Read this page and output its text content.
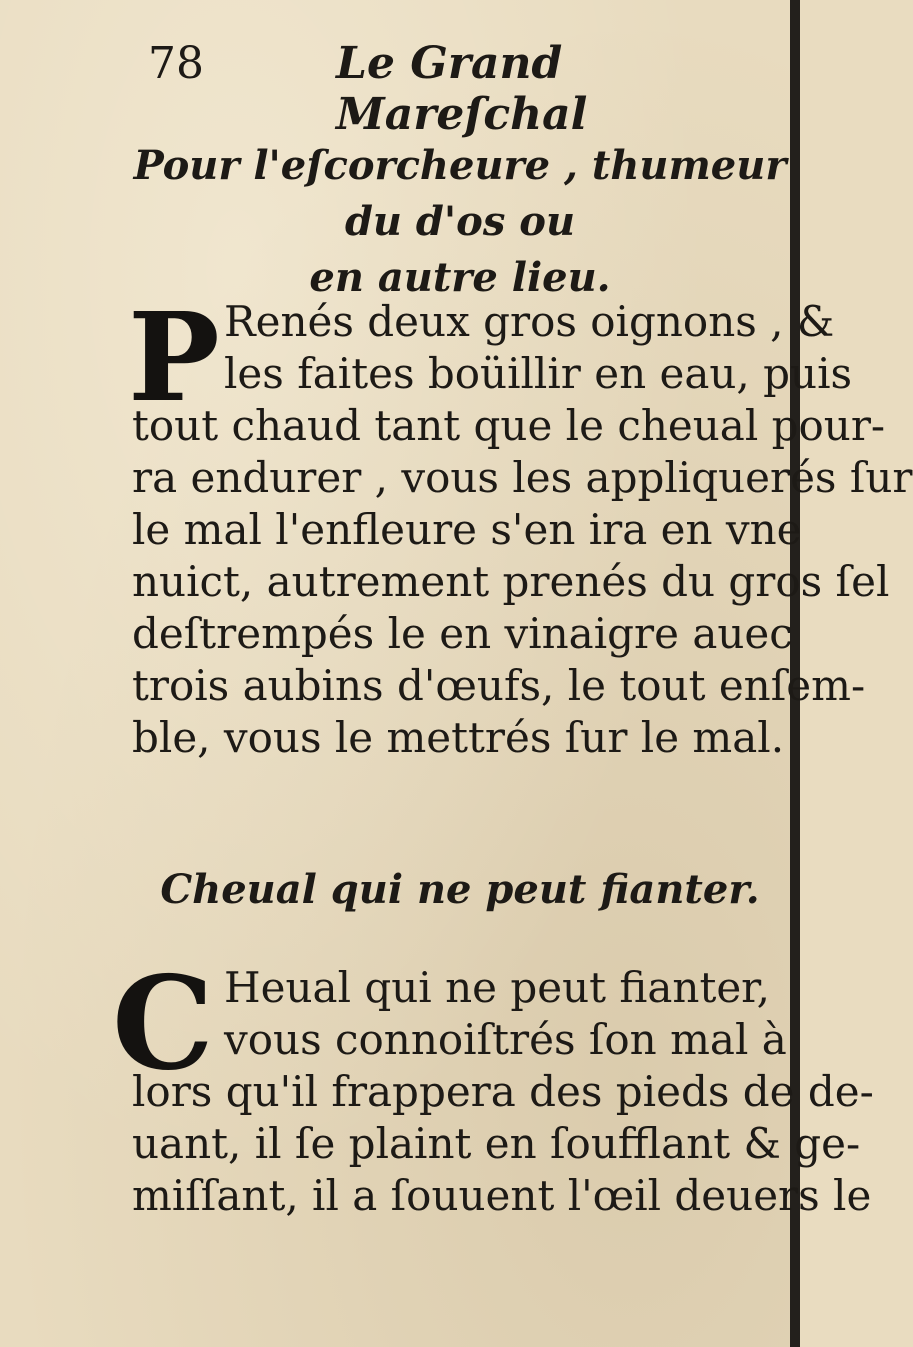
78	Le Grand Mareſchal
Pour l'eſcorcheure , thumeur du d'os ou
en autre lieu.
P Renés deux gros oignons , &
les faites boüillir en eau, puis
tout chaud tant que le cheual pour-
ra endurer , vous les appliquerés ſur
le mal l'enfleure s'en ira en vne
nuict, autrement prenés du gros ſel
deſtrempés le en vinaigre auec
trois aubins d'œufs, le tout enſem-
ble, vous le mettrés ſur le mal.
Cheual qui ne peut fianter.
C Heual qui ne peut fianter,
vous connoiſtrés ſon mal à
lors qu'il frappera des pieds de de-
uant, il ſe plaint en ſoufflant & ge-
miſſant, il a ſouuent l'œil deuers le
